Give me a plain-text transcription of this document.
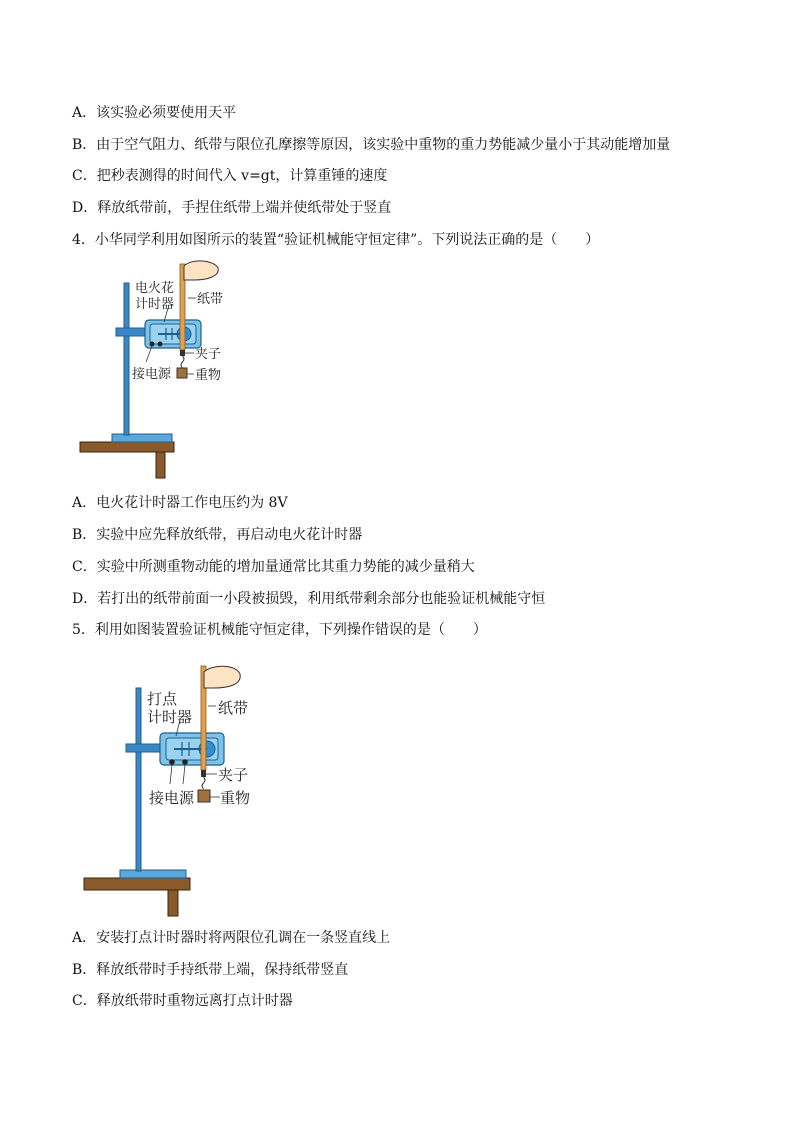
A．该实验必须要使用天平
B．由于空气阻力、纸带与限位孔摩擦等原因，该实验中重物的重力势能减少量小于其动能增加量
C．把秒表测得的时间代入 v=gt，计算重锤的速度
D．释放纸带前，手捏住纸带上端并使纸带处于竖直
4．小华同学利用如图所示的装置“验证机械能守恒定律”。下列说法正确的是（　　）
电火花
计时器 纸带
夹子
接电源 重物
A．电火花计时器工作电压约为 8V
B．实验中应先释放纸带，再启动电火花计时器
C．实验中所测重物动能的增加量通常比其重力势能的减少量稍大
D．若打出的纸带前面一小段被损毁，利用纸带剩余部分也能验证机械能守恒
5．利用如图装置验证机械能守恒定律，下列操作错误的是（　　）
打点
计时器 纸带
夹子
接电源 重物
A．安装打点计时器时将两限位孔调在一条竖直线上
B．释放纸带时手持纸带上端，保持纸带竖直
C．释放纸带时重物远离打点计时器
